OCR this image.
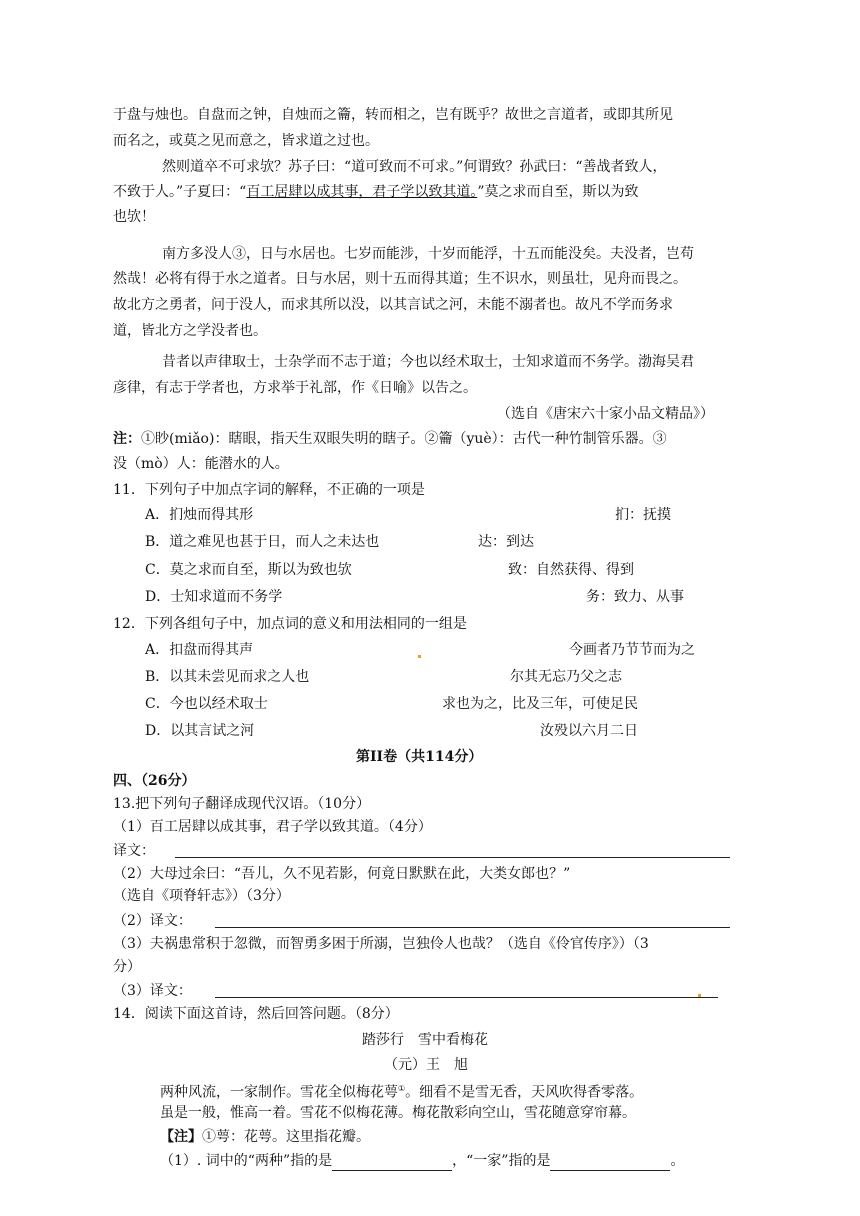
于盘与烛也。自盘而之钟，自烛而之籥，转而相之，岂有既乎？故世之言道者，或即其所见
而名之，或莫之见而意之，皆求道之过也。
然则道卒不可求欤？苏子曰：“道可致而不可求。”何谓致？孙武曰：“善战者致人，
不致于人。”子夏曰：“百工居肆以成其事，君子学以致其道。”莫之求而自至，斯以为致
也欤！
南方多没人③，日与水居也。七岁而能涉，十岁而能浮，十五而能没矣。夫没者，岂苟
然哉！必将有得于水之道者。日与水居，则十五而得其道；生不识水，则虽壮，见舟而畏之。
故北方之勇者，问于没人，而求其所以没，以其言试之河，未能不溺者也。故凡不学而务求
道，皆北方之学没者也。
昔者以声律取士，士杂学而不志于道；今也以经术取士，士知求道而不务学。渤海吴君
彦律，有志于学者也，方求举于礼部，作《日喻》以告之。
（选自《唐宋六十家小品文精品》）
注：①眇(miǎo)：瞎眼，指天生双眼失明的瞎子。②籥（yuè）：古代一种竹制管乐器。③
没（mò）人：能潜水的人。
11．下列句子中加点字词的解释，不正确的一项是
A．扪烛而得其形	扪：抚摸
B．道之难见也甚于日，而人之未达也	达：到达
C．莫之求而自至，斯以为致也欤	致：自然获得、得到
D．士知求道而不务学	务：致力、从事
12．下列各组句子中，加点词的意义和用法相同的一组是
A．扣盘而得其声	今画者乃节节而为之
B．以其未尝见而求之人也	尔其无忘乃父之志
C．今也以经术取士	求也为之，比及三年，可使足民
D．以其言试之河	汝殁以六月二日
第II卷（共114分）
四、（26分）
13.把下列句子翻译成现代汉语。（10分）
（1）百工居肆以成其事，君子学以致其道。（4分）
译文：
（2）大母过余曰：“吾儿，久不见若影，何竟日默默在此，大类女郎也？”
（选自《项脊轩志》）（3分）
（2）译文：
（3）夫祸患常积于忽微，而智勇多困于所溺，岂独伶人也哉？（选自《伶官传序》）（3
分）
（3）译文：
14．阅读下面这首诗，然后回答问题。（8分）
踏莎行　雪中看梅花
（元）王　旭
两种风流，一家制作。雪花全似梅花萼①。细看不是雪无香，天风吹得香零落。
虽是一般，惟高一着。雪花不似梅花薄。梅花散彩向空山，雪花随意穿帘幕。
【注】①萼：花萼。这里指花瓣。
（1）. 词中的“两种”指的是	，“一家”指的是	。
